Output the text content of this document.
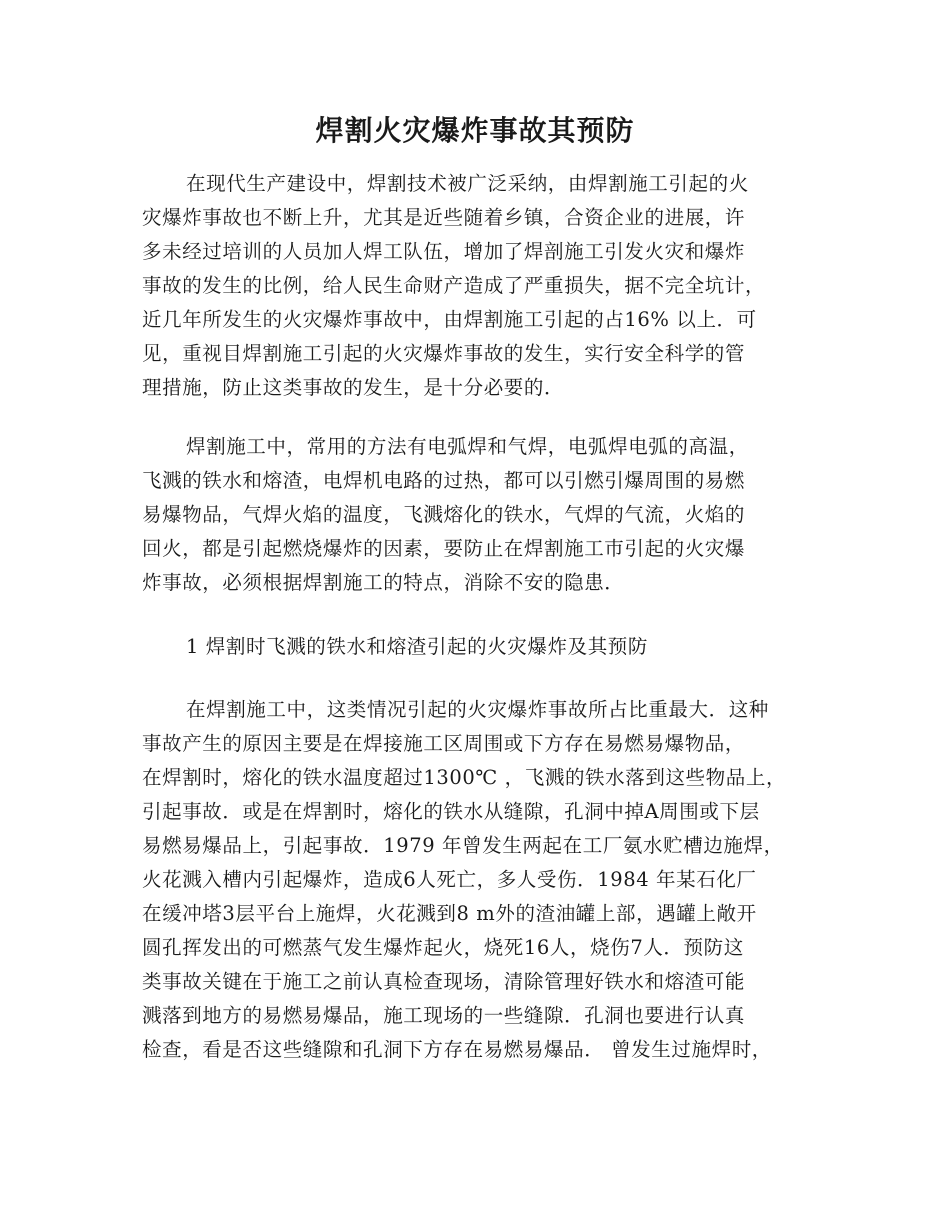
焊割火灾爆炸事故其预防

在现代生产建设中，焊割技术被广泛采纳，由焊割施工引起的火

灾爆炸事故也不断上升，尤其是近些随着乡镇，合资企业的进展，许

多未经过培训的人员加人焊工队伍，增加了焊剖施工引发火灾和爆炸

事故的发生的比例，给人民生命财产造成了严重损失，据不完全坑计，

近几年所发生的火灾爆炸事故中，由焊割施工引起的占16% 以上．可

见，重视目焊割施工引起的火灾爆炸事故的发生，实行安全科学的管

理措施，防止这类事故的发生，是十分必要的．

焊割施工中，常用的方法有电弧焊和气焊，电弧焊电弧的高温，

飞溅的铁水和熔渣，电焊机电路的过热，都可以引燃引爆周围的易燃

易爆物品，气焊火焰的温度，飞溅熔化的铁水，气焊的气流，火焰的

回火，都是引起燃烧爆炸的因素，要防止在焊割施工巿引起的火灾爆

炸事故，必须根据焊割施工的特点，消除不安的隐患．

1 焊割时飞溅的铁水和熔渣引起的火灾爆炸及其预防

在焊割施工中，这类情况引起的火灾爆炸事故所占比重最大．这种

事故产生的原因主要是在焊接施工区周围或下方存在易燃易爆物品，

在焊割时，熔化的铁水温度超过1300℃ ，飞溅的铁水落到这些物品上，

引起事故．或是在焊割时，熔化的铁水从缝隙，孔洞中掉A周围或下层

易燃易爆品上，引起事故．1979 年曾发生两起在工厂氨水贮槽边施焊，

火花溅入槽内引起爆炸，造成6人死亡，多人受伤．1984 年某石化厂

在缓冲塔3层平台上施焊，火花溅到8 m外的渣油罐上部，遇罐上敞开

圆孔挥发出的可燃蒸气发生爆炸起火，烧死16人，烧伤7人．预防这

类事故关键在于施工之前认真检查现场，清除管理好铁水和熔渣可能

溅落到地方的易燃易爆品，施工现场的一些缝隙．孔洞也要进行认真

检查，看是否这些缝隙和孔洞下方存在易燃易爆品． 曾发生过施焊时，
